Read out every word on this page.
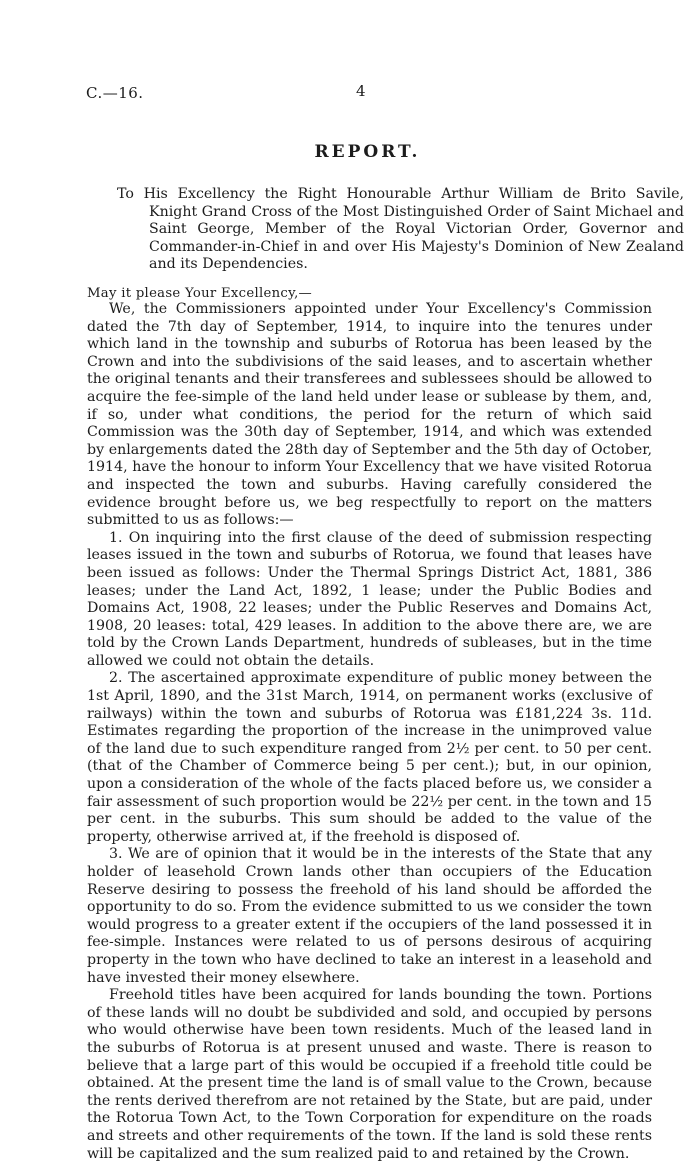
C.—16.	4
REPORT.
To His Excellency the Right Honourable Arthur William de Brito Savile, Knight Grand Cross of the Most Distinguished Order of Saint Michael and Saint George, Member of the Royal Victorian Order, Governor and Commander-in-Chief in and over His Majesty's Dominion of New Zealand and its Dependencies.
May it please Your Excellency,—

We, the Commissioners appointed under Your Excellency's Commission dated the 7th day of September, 1914, to inquire into the tenures under which land in the township and suburbs of Rotorua has been leased by the Crown and into the subdivisions of the said leases, and to ascertain whether the original tenants and their transferees and sublessees should be allowed to acquire the fee-simple of the land held under lease or sublease by them, and, if so, under what conditions, the period for the return of which said Commission was the 30th day of September, 1914, and which was extended by enlargements dated the 28th day of September and the 5th day of October, 1914, have the honour to inform Your Excellency that we have visited Rotorua and inspected the town and suburbs. Having carefully considered the evidence brought before us, we beg respectfully to report on the matters submitted to us as follows:—

1. On inquiring into the first clause of the deed of submission respecting leases issued in the town and suburbs of Rotorua, we found that leases have been issued as follows: Under the Thermal Springs District Act, 1881, 386 leases; under the Land Act, 1892, 1 lease; under the Public Bodies and Domains Act, 1908, 22 leases; under the Public Reserves and Domains Act, 1908, 20 leases: total, 429 leases. In addition to the above there are, we are told by the Crown Lands Department, hundreds of subleases, but in the time allowed we could not obtain the details.

2. The ascertained approximate expenditure of public money between the 1st April, 1890, and the 31st March, 1914, on permanent works (exclusive of railways) within the town and suburbs of Rotorua was £181,224 3s. 11d. Estimates regarding the proportion of the increase in the unimproved value of the land due to such expenditure ranged from 2½ per cent. to 50 per cent. (that of the Chamber of Commerce being 5 per cent.); but, in our opinion, upon a consideration of the whole of the facts placed before us, we consider a fair assessment of such proportion would be 22½ per cent. in the town and 15 per cent. in the suburbs. This sum should be added to the value of the property, otherwise arrived at, if the freehold is disposed of.

3. We are of opinion that it would be in the interests of the State that any holder of leasehold Crown lands other than occupiers of the Education Reserve desiring to possess the freehold of his land should be afforded the opportunity to do so. From the evidence submitted to us we consider the town would progress to a greater extent if the occupiers of the land possessed it in fee-simple. Instances were related to us of persons desirous of acquiring property in the town who have declined to take an interest in a leasehold and have invested their money elsewhere.

Freehold titles have been acquired for lands bounding the town. Portions of these lands will no doubt be subdivided and sold, and occupied by persons who would otherwise have been town residents. Much of the leased land in the suburbs of Rotorua is at present unused and waste. There is reason to believe that a large part of this would be occupied if a freehold title could be obtained. At the present time the land is of small value to the Crown, because the rents derived therefrom are not retained by the State, but are paid, under the Rotorua Town Act, to the Town Corporation for expenditure on the roads and streets and other requirements of the town. If the land is sold these rents will be capitalized and the sum realized paid to and retained by the Crown.
